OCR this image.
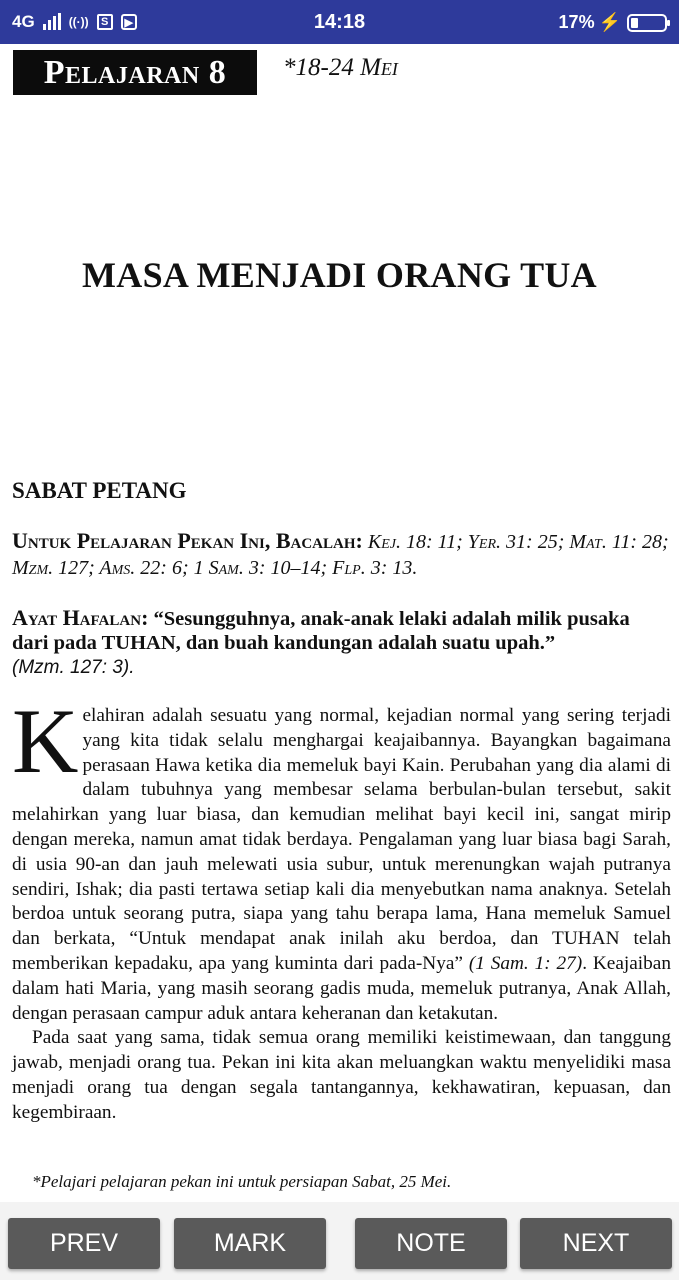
4G	((·))	S	▶	14:18	17% ⚡
Pelajaran 8	*18-24 Mei
MASA MENJADI ORANG TUA
SABAT PETANG
Untuk Pelajaran Pekan Ini, Bacalah: Kej. 18: 11; Yer. 31: 25; Mat. 11: 28; Mzm. 127; Ams. 22: 6; 1 Sam. 3: 10–14; Flp. 3: 13.
Ayat Hafalan: “Sesungguhnya, anak-anak lelaki adalah milik pusaka dari pada TUHAN, dan buah kandungan adalah suatu upah.”
(Mzm. 127: 3).

Kelahiran adalah sesuatu yang normal, kejadian normal yang sering terjadi yang kita tidak selalu menghargai keajaibannya. Bayangkan bagaimana perasaan Hawa ketika dia memeluk bayi Kain. Perubahan yang dia alami di dalam tubuhnya yang membesar selama berbulan-bulan tersebut, sakit melahirkan yang luar biasa, dan kemudian melihat bayi kecil ini, sangat mirip dengan mereka, namun amat tidak berdaya. Pengalaman yang luar biasa bagi Sarah, di usia 90-an dan jauh melewati usia subur, untuk merenungkan wajah putranya sendiri, Ishak; dia pasti tertawa setiap kali dia menyebutkan nama anaknya. Setelah berdoa untuk seorang putra, siapa yang tahu berapa lama, Hana memeluk Samuel dan berkata, “Untuk mendapat anak inilah aku berdoa, dan TUHAN telah memberikan kepadaku, apa yang kuminta dari pada-Nya” (1 Sam. 1: 27). Keajaiban dalam hati Maria, yang masih seorang gadis muda, memeluk putranya, Anak Allah, dengan perasaan campur aduk antara keheranan dan ketakutan.

Pada saat yang sama, tidak semua orang memiliki keistimewaan, dan tanggung jawab, menjadi orang tua. Pekan ini kita akan meluangkan waktu menyelidiki masa menjadi orang tua dengan segala tantangannya, kekhawatiran, kepuasan, dan kegembiraan.

*Pelajari pelajaran pekan ini untuk persiapan Sabat, 25 Mei.
PREV	MARK	NOTE	NEXT
